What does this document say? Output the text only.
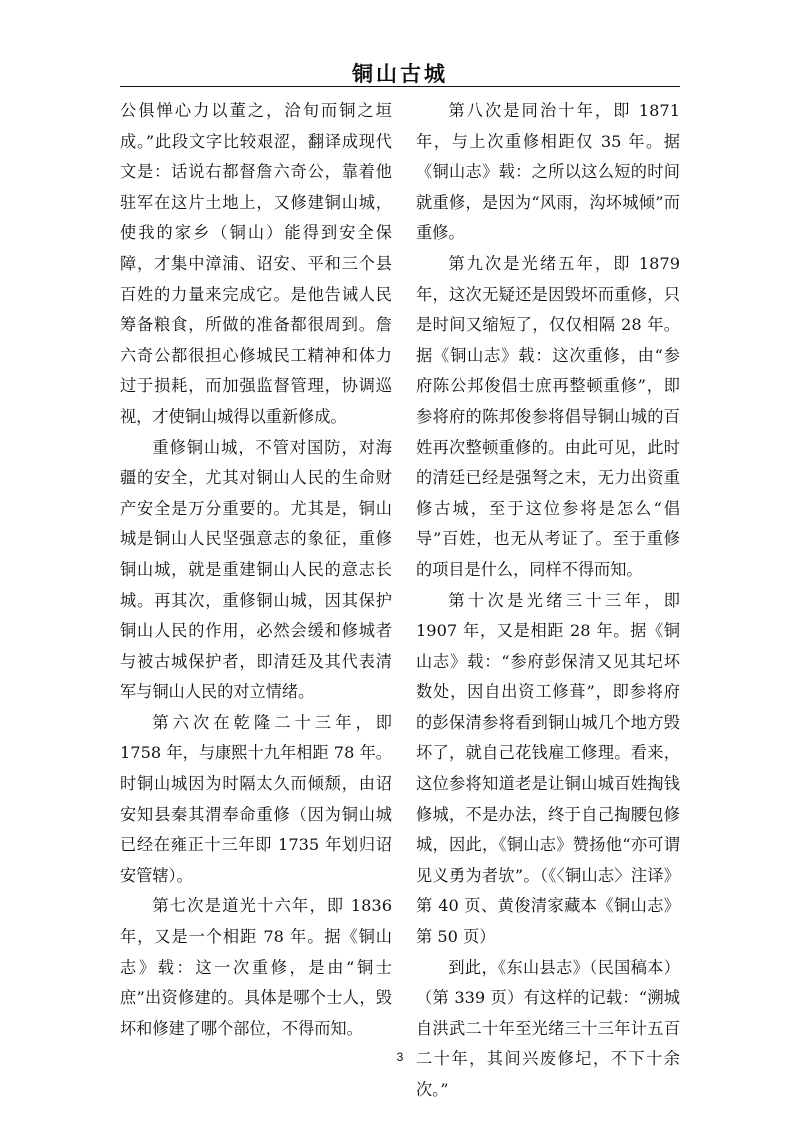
铜山古城

公俱惮心力以董之，洽旬而铜之垣成。”此段文字比较艰涩，翻译成现代文是：话说右都督詹六奇公，靠着他驻军在这片土地上，又修建铜山城，使我的家乡（铜山）能得到安全保障，才集中漳浦、诏安、平和三个县百姓的力量来完成它。是他告诫人民筹备粮食，所做的准备都很周到。詹六奇公都很担心修城民工精神和体力过于损耗，而加强监督管理，协调巡视，才使铜山城得以重新修成。

重修铜山城，不管对国防，对海疆的安全，尤其对铜山人民的生命财产安全是万分重要的。尤其是，铜山城是铜山人民坚强意志的象征，重修铜山城，就是重建铜山人民的意志长城。再其次，重修铜山城，因其保护铜山人民的作用，必然会缓和修城者与被古城保护者，即清廷及其代表清军与铜山人民的对立情绪。

第六次在乾隆二十三年，即 1758 年，与康熙十九年相距 78 年。时铜山城因为时隔太久而倾颓，由诏安知县秦其渭奉命重修（因为铜山城已经在雍正十三年即 1735 年划归诏安管辖）。

第七次是道光十六年，即 1836 年，又是一个相距 78 年。据《铜山志》载：这一次重修，是由“铜士庶”出资修建的。具体是哪个士人，毁坏和修建了哪个部位，不得而知。

第八次是同治十年，即 1871 年，与上次重修相距仅 35 年。据《铜山志》载：之所以这么短的时间就重修，是因为“风雨，沟坏城倾”而重修。

第九次是光绪五年，即 1879 年，这次无疑还是因毁坏而重修，只是时间又缩短了，仅仅相隔 28 年。据《铜山志》载：这次重修，由“参府陈公邦俊倡士庶再整顿重修”，即参将府的陈邦俊参将倡导铜山城的百姓再次整顿重修的。由此可见，此时的清廷已经是强弩之末，无力出资重修古城，至于这位参将是怎么“倡导”百姓，也无从考证了。至于重修的项目是什么，同样不得而知。

第十次是光绪三十三年，即 1907 年，又是相距 28 年。据《铜山志》载：“参府彭保清又见其圮坏数处，因自出资工修葺”，即参将府的彭保清参将看到铜山城几个地方毁坏了，就自己花钱雇工修理。看来，这位参将知道老是让铜山城百姓掏钱修城，不是办法，终于自己掏腰包修城，因此，《铜山志》赞扬他“亦可谓见义勇为者欤”。（《〈铜山志〉注译》第 40 页、黄俊清家藏本《铜山志》第 50 页）

到此，《东山县志》（民国稿本）（第 339 页）有这样的记载：“溯城自洪武二十年至光绪三十三年计五百二十年，其间兴废修圮，不下十余次。”

3
